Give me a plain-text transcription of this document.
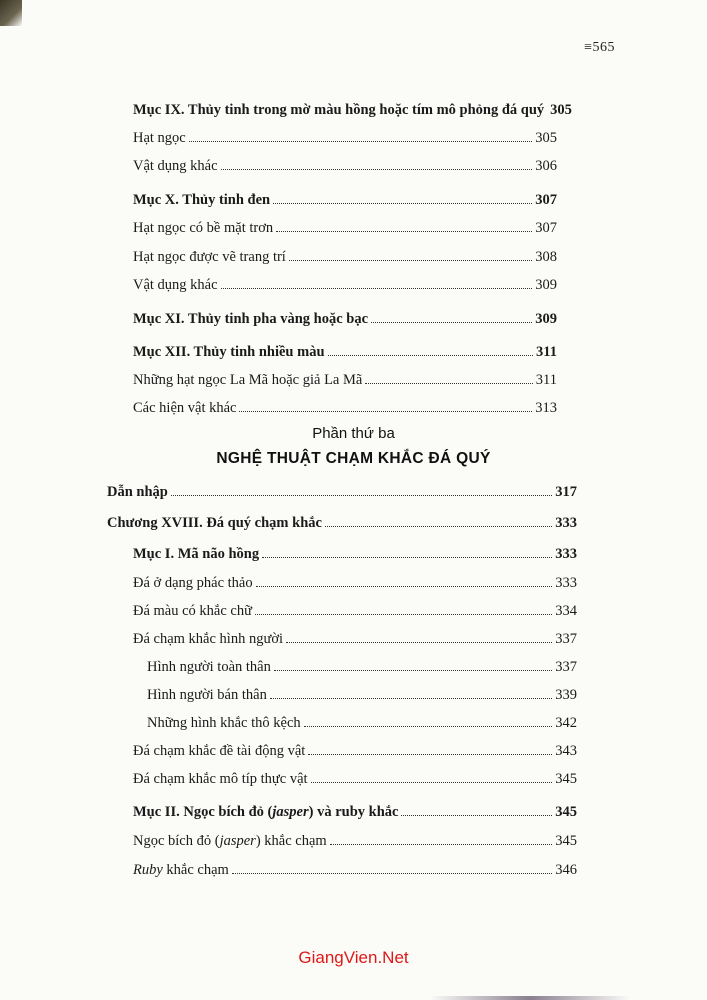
≡565
Mục IX. Thủy tinh trong mờ màu hồng hoặc tím mô phỏng đá quý 305
Hạt ngọc	305
Vật dụng khác	306
Mục X. Thủy tinh đen	307
Hạt ngọc có bề mặt trơn	307
Hạt ngọc được vẽ trang trí	308
Vật dụng khác	309
Mục XI. Thủy tinh pha vàng hoặc bạc	309
Mục XII. Thủy tinh nhiều màu	311
Những hạt ngọc La Mã hoặc giả La Mã	311
Các hiện vật khác	313
Phần thứ ba
NGHỆ THUẬT CHẠM KHẮC ĐÁ QUÝ
Dẫn nhập	317
Chương XVIII. Đá quý chạm khắc	333
Mục I. Mã não hồng	333
Đá ở dạng phác thảo	333
Đá màu có khắc chữ	334
Đá chạm khắc hình người	337
Hình người toàn thân	337
Hình người bán thân	339
Những hình khắc thô kệch	342
Đá chạm khắc đề tài động vật	343
Đá chạm khắc mô típ thực vật	345
Mục II. Ngọc bích đỏ (jasper) và ruby khắc	345
Ngọc bích đỏ (jasper) khắc chạm	345
Ruby khắc chạm	346
GiangVien.Net
